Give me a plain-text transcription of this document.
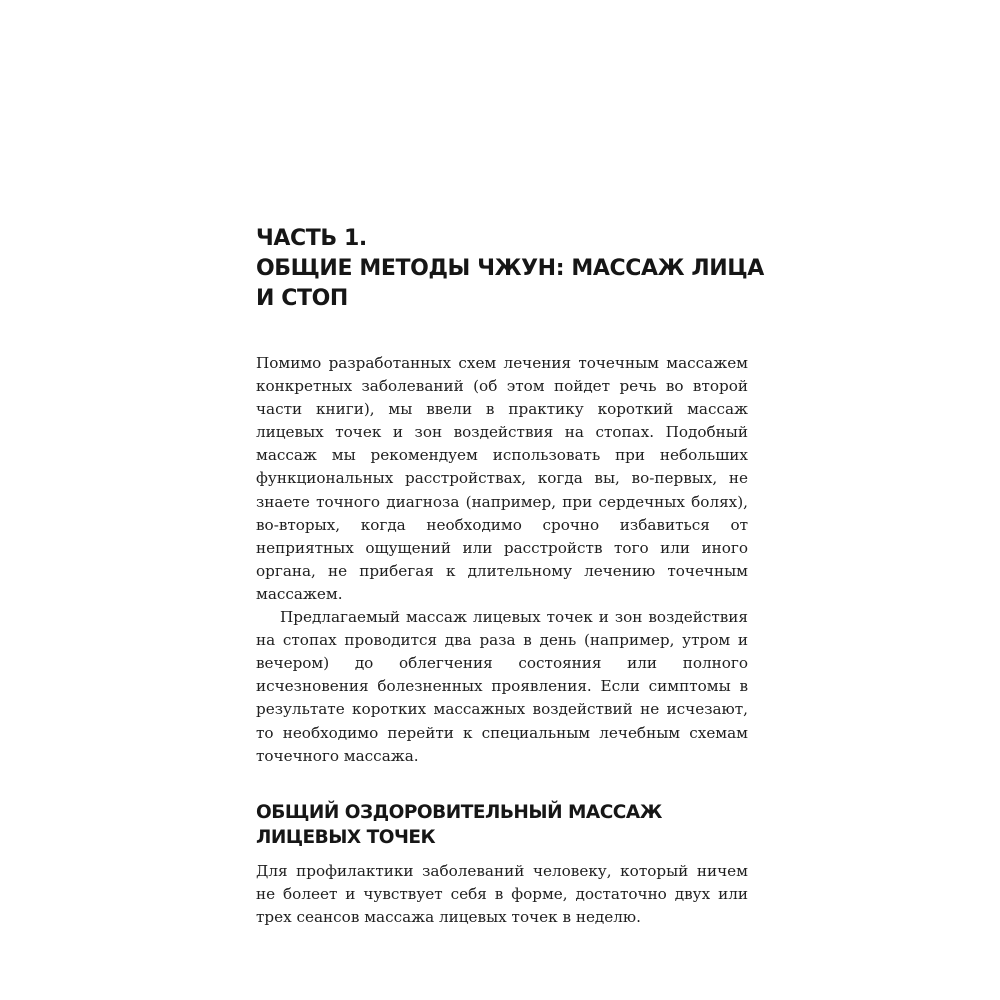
ЧАСТЬ 1.
ОБЩИЕ МЕТОДЫ ЧЖУН: МАССАЖ ЛИЦА
И СТОП

Помимо разработанных схем лечения точечным массажем конкретных заболеваний (об этом пойдет речь во второй части книги), мы ввели в практику короткий массаж лицевых точек и зон воздействия на стопах. Подобный массаж мы рекомендуем использовать при небольших функциональных расстройствах, когда вы, во-первых, не знаете точного диагноза (например, при сердечных болях), во-вторых, когда необходимо срочно избавиться от неприятных ощущений или расстройств того или иного органа, не прибегая к длительному лечению точечным массажем.

Предлагаемый массаж лицевых точек и зон воздействия на стопах проводится два раза в день (например, утром и вечером) до облегчения состояния или полного исчезновения болезненных проявления. Если симптомы в результате коротких массажных воздействий не исчезают, то необходимо перейти к специальным лечебным схемам точечного массажа.

ОБЩИЙ ОЗДОРОВИТЕЛЬНЫЙ МАССАЖ ЛИЦЕВЫХ ТОЧЕК

Для профилактики заболеваний человеку, который ничем не болеет и чувствует себя в форме, достаточно двух или трех сеансов массажа лицевых точек в неделю.
